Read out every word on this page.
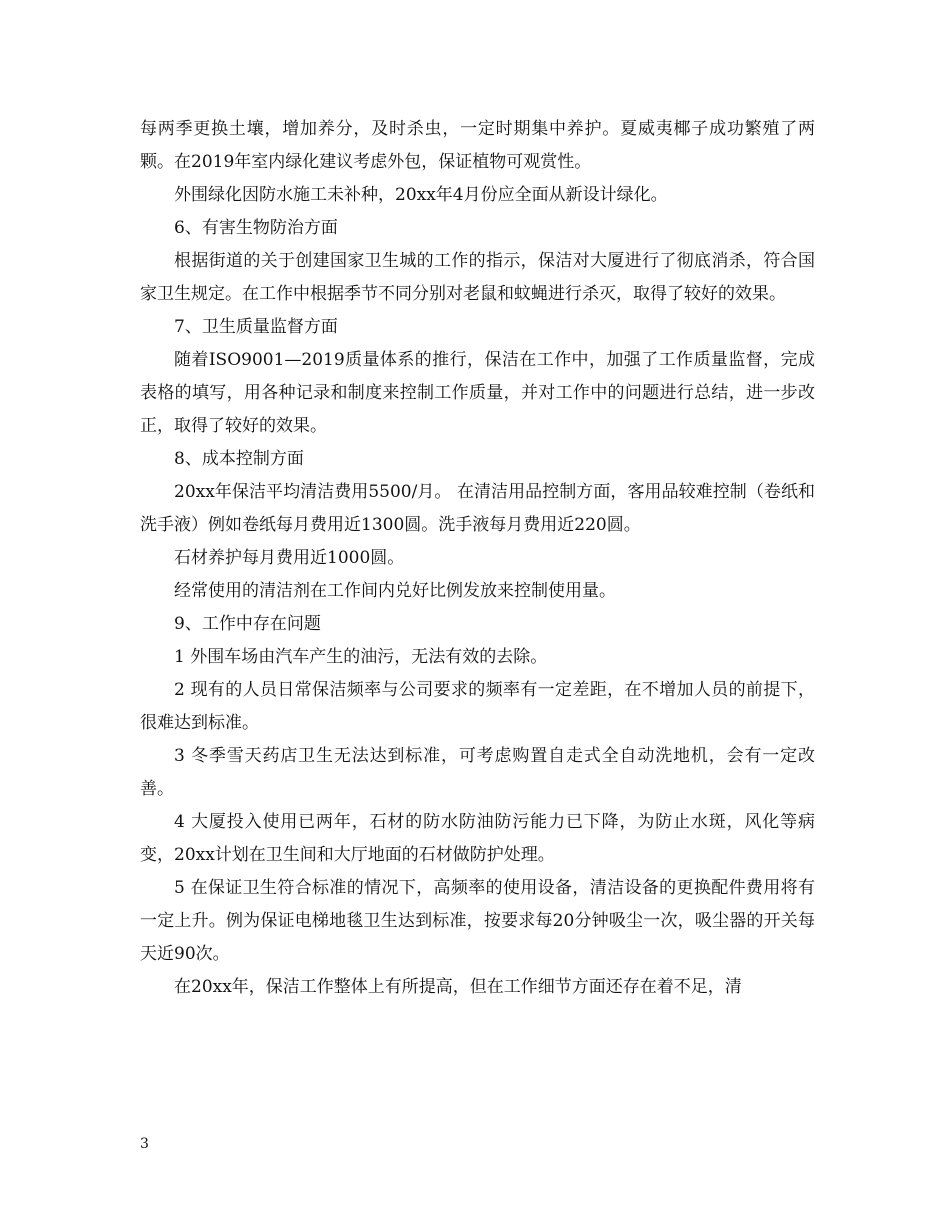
每两季更换土壤，增加养分，及时杀虫，一定时期集中养护。夏威夷椰子成功繁殖了两颗。在2019年室内绿化建议考虑外包，保证植物可观赏性。

外围绿化因防水施工未补种，20xx年4月份应全面从新设计绿化。

6、有害生物防治方面

根据街道的关于创建国家卫生城的工作的指示，保洁对大厦进行了彻底消杀，符合国家卫生规定。在工作中根据季节不同分别对老鼠和蚊蝇进行杀灭，取得了较好的效果。

7、卫生质量监督方面

随着ISO9001—2019质量体系的推行，保洁在工作中，加强了工作质量监督，完成表格的填写，用各种记录和制度来控制工作质量，并对工作中的问题进行总结，进一步改正，取得了较好的效果。

8、成本控制方面

20xx年保洁平均清洁费用5500/月。 在清洁用品控制方面，客用品较难控制（卷纸和洗手液）例如卷纸每月费用近1300圆。洗手液每月费用近220圆。

石材养护每月费用近1000圆。

经常使用的清洁剂在工作间内兑好比例发放来控制使用量。

9、工作中存在问题

1 外围车场由汽车产生的油污，无法有效的去除。

2 现有的人员日常保洁频率与公司要求的频率有一定差距，在不增加人员的前提下，很难达到标准。

3 冬季雪天药店卫生无法达到标准，可考虑购置自走式全自动洗地机，会有一定改善。

4 大厦投入使用已两年，石材的防水防油防污能力已下降，为防止水斑，风化等病变，20xx计划在卫生间和大厅地面的石材做防护处理。

5 在保证卫生符合标准的情况下，高频率的使用设备，清洁设备的更换配件费用将有一定上升。例为保证电梯地毯卫生达到标准，按要求每20分钟吸尘一次，吸尘器的开关每天近90次。

在20xx年，保洁工作整体上有所提高，但在工作细节方面还存在着不足，清

3
